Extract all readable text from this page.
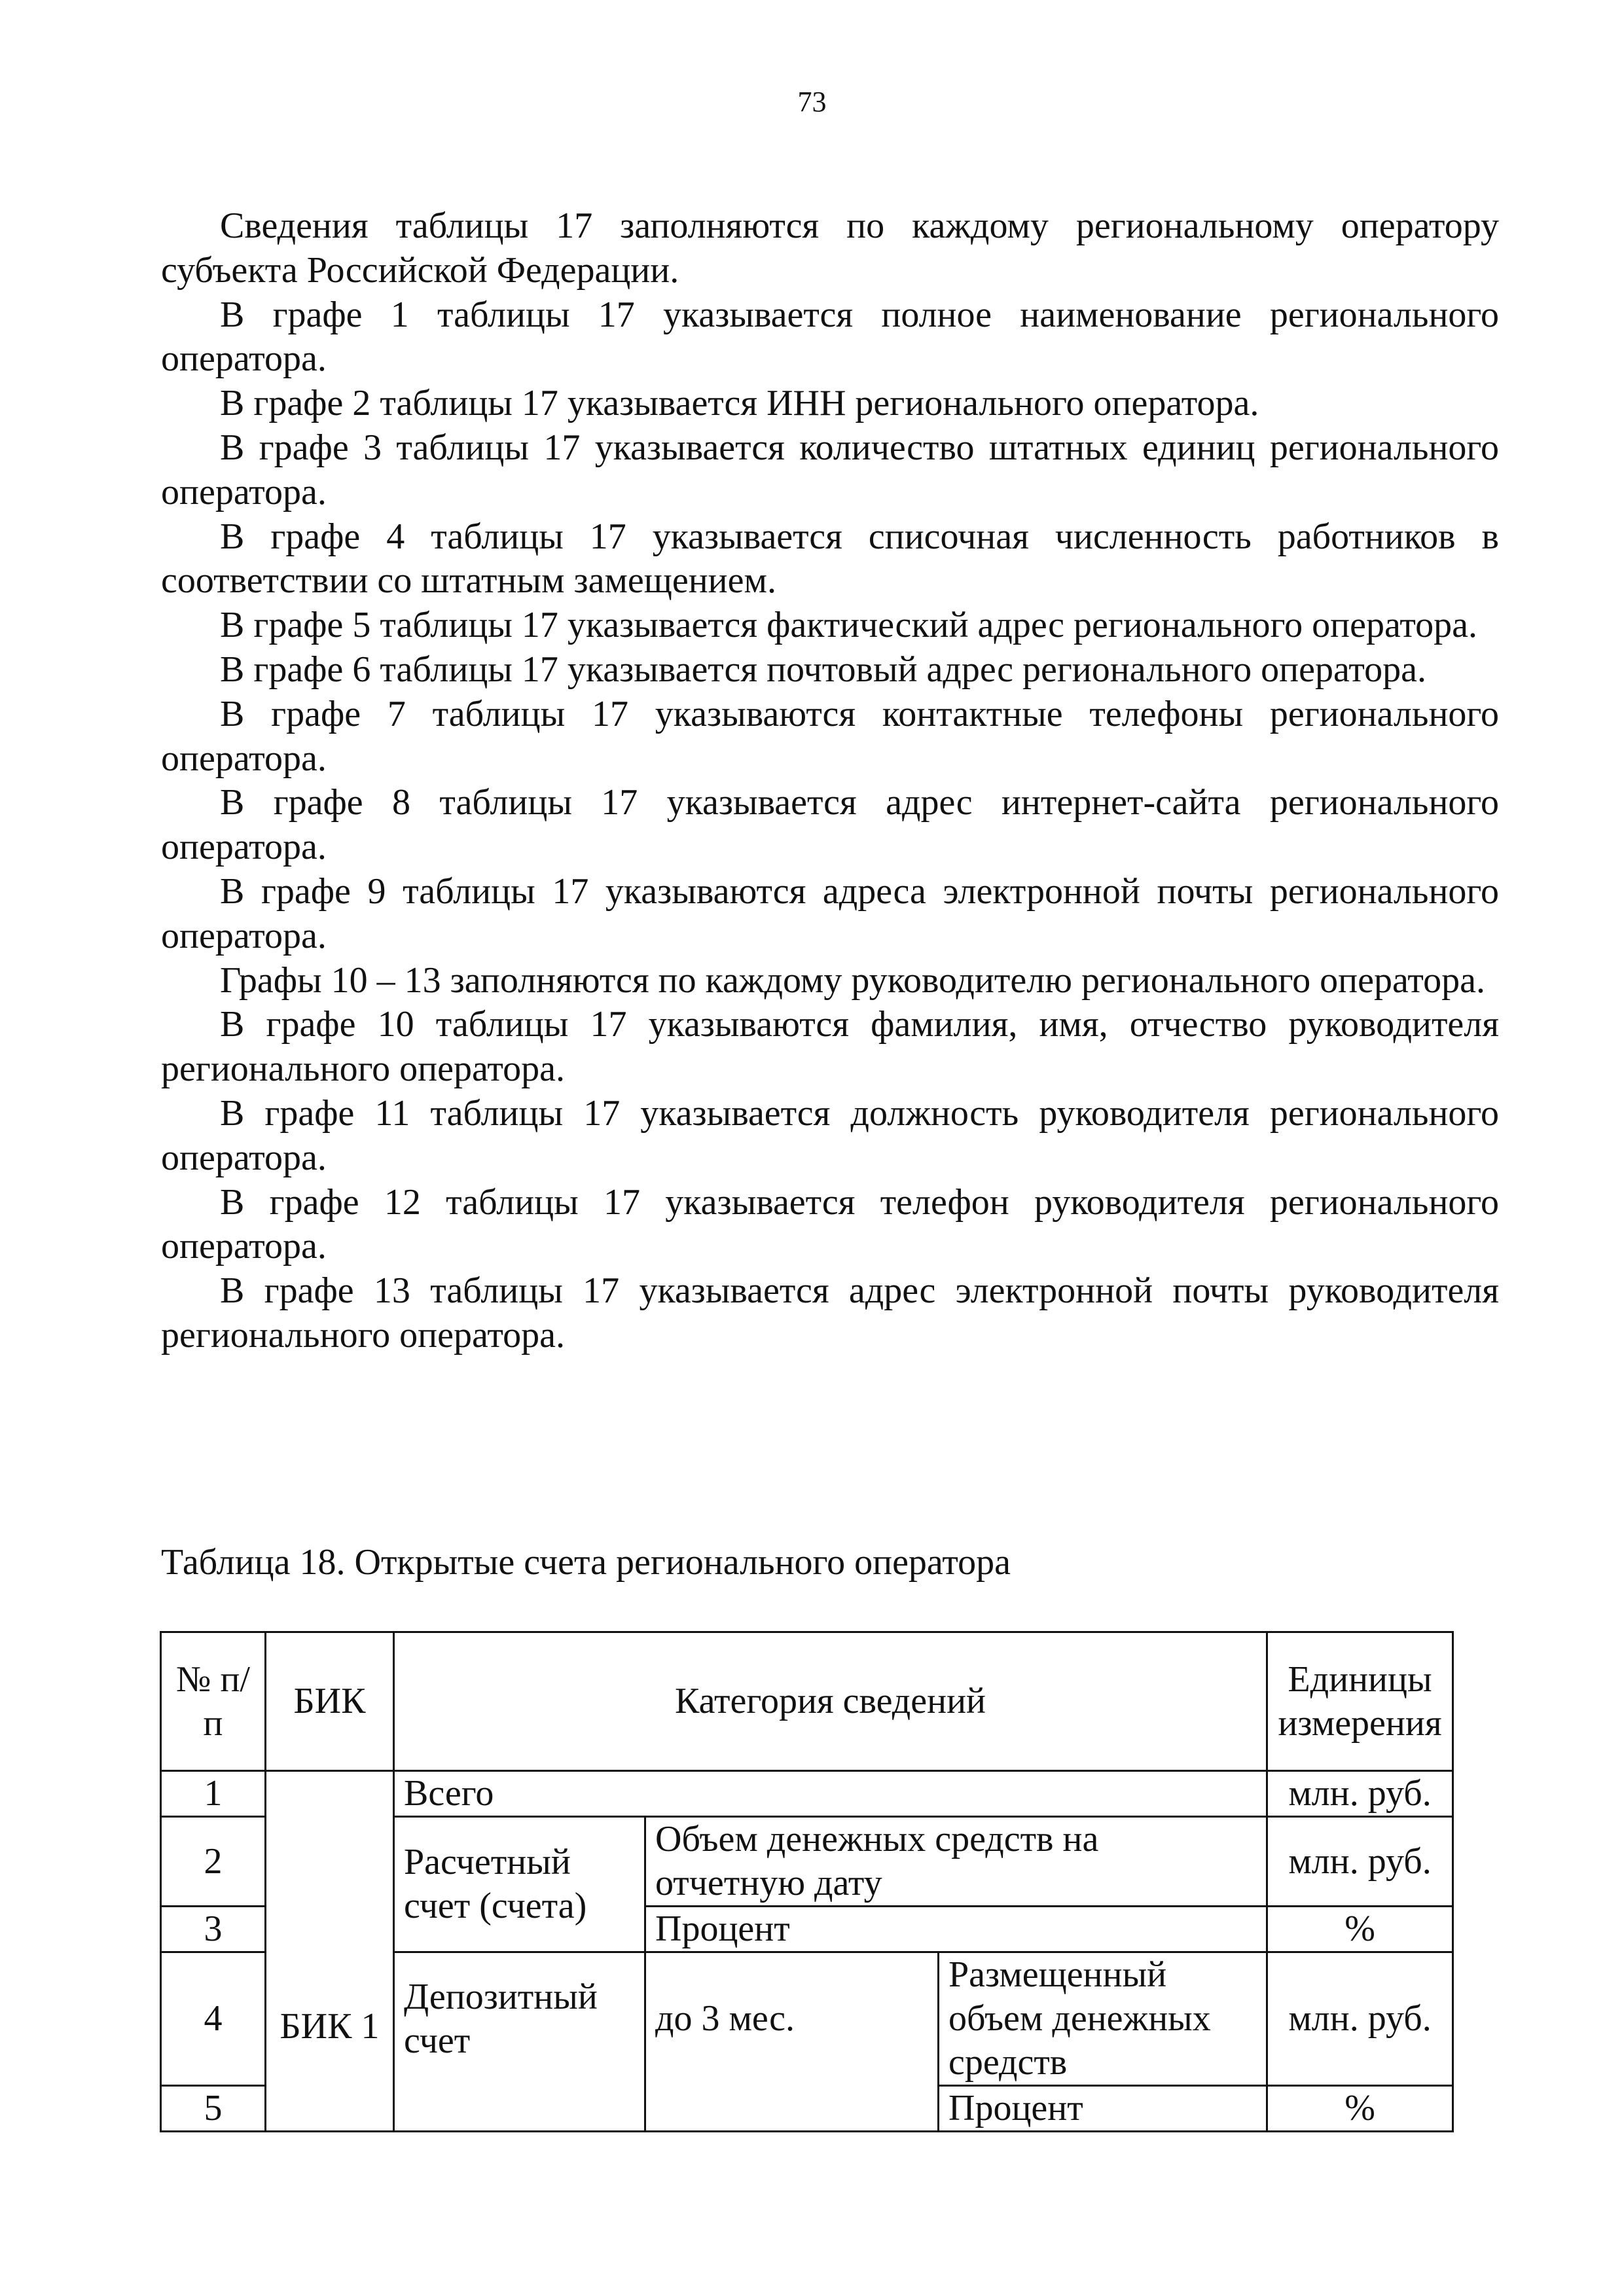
73

Сведения таблицы 17 заполняются по каждому региональному оператору субъекта Российской Федерации.

В графе 1 таблицы 17 указывается полное наименование регионального оператора.

В графе 2 таблицы 17 указывается ИНН регионального оператора.

В графе 3 таблицы 17 указывается количество штатных единиц регионального оператора.

В графе 4 таблицы 17 указывается списочная численность работников в соответствии со штатным замещением.

В графе 5 таблицы 17 указывается фактический адрес регионального оператора.

В графе 6 таблицы 17 указывается почтовый адрес регионального оператора.

В графе 7 таблицы 17 указываются контактные телефоны регионального оператора.

В графе 8 таблицы 17 указывается адрес интернет-сайта регионального оператора.

В графе 9 таблицы 17 указываются адреса электронной почты регионального оператора.

Графы 10 – 13 заполняются по каждому руководителю регионального оператора.

В графе 10 таблицы 17 указываются фамилия, имя, отчество руководителя регионального оператора.

В графе 11 таблицы 17 указывается должность руководителя регионального оператора.

В графе 12 таблицы 17 указывается телефон руководителя регионального оператора.

В графе 13 таблицы 17 указывается адрес электронной почты руководителя регионального оператора.

Таблица 18. Открытые счета регионального оператора
№ п/п	БИК	Категория сведений			Единицы измерения
1	БИК 1	Всего			млн. руб.
2		Расчетный счет (счета)	Объем денежных средств на отчетную дату		млн. руб.
3			Процент		%
4		Депозитный счет	до 3 мес.	Размещенный объем денежных средств	млн. руб.
5				Процент	%
